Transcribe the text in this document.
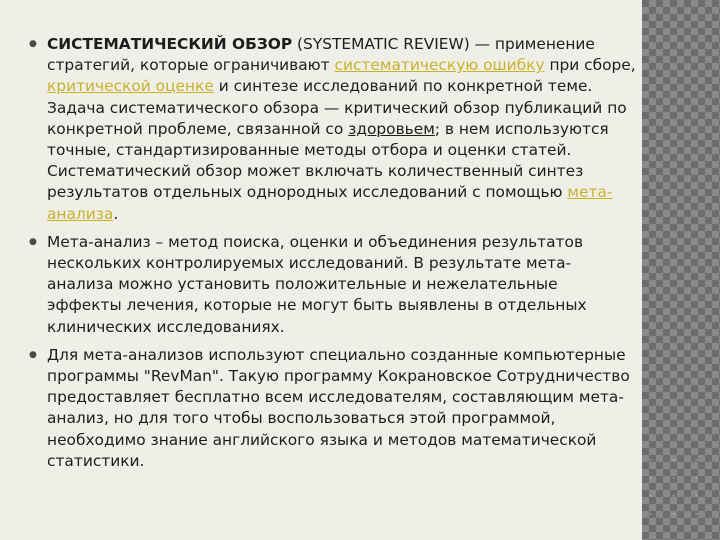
● СИСТЕМАТИЧЕСКИЙ ОБЗОР (SYSTEMATIC REVIEW) — применение стратегий, которые ограничивают систематическую ошибку при сборе, критической оценке и синтезе исследований по конкретной теме. Задача систематического обзора — критический обзор публикаций по конкретной проблеме, связанной со здоровьем; в нем используются точные, стандартизированные методы отбора и оценки статей. Систематический обзор может включать количественный синтез результатов отдельных однородных исследований с помощью мета-анализа.
● Мета-анализ – метод поиска, оценки и объединения результатов нескольких контролируемых исследований. В результате мета-анализа можно установить положительные и нежелательные эффекты лечения, которые не могут быть выявлены в отдельных клинических исследованиях.
● Для мета-анализов используют специально созданные компьютерные программы "RevMan". Такую программу Кокрановское Сотрудничество предоставляет бесплатно всем исследователям, составляющим мета-анализ, но для того чтобы воспользоваться этой программой, необходимо знание английского языка и методов математической статистики.	· · ·
· · ·
· · ·
· · ·
